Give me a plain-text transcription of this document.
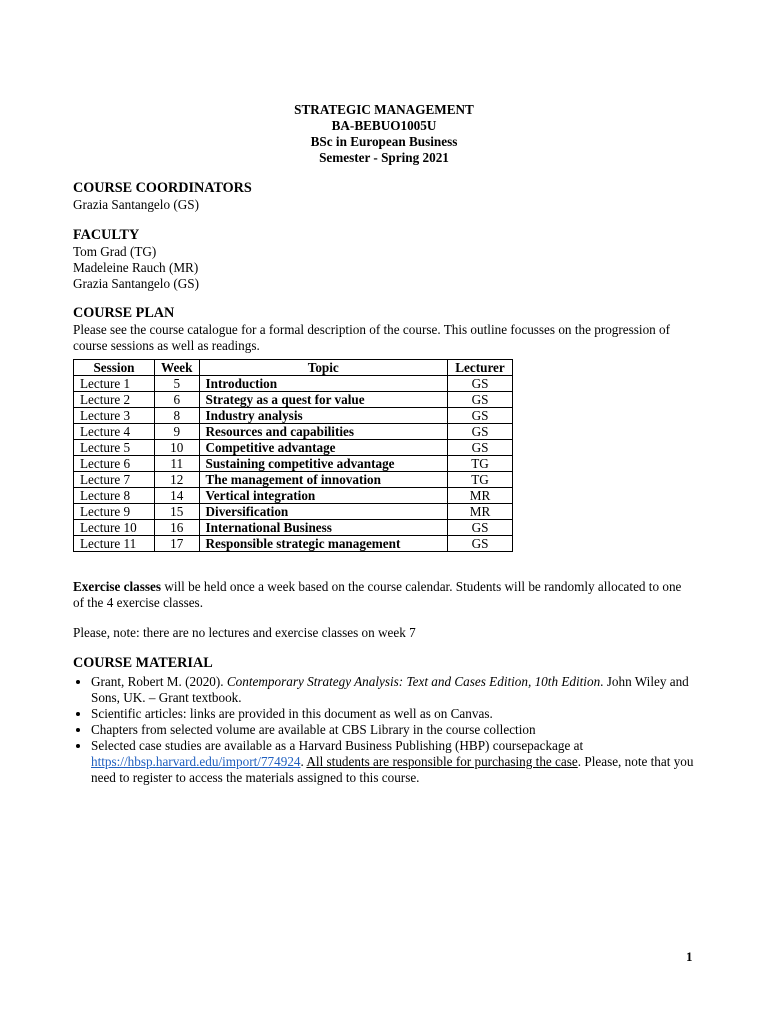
STRATEGIC MANAGEMENT
BA-BEBUO1005U
BSc in European Business
Semester - Spring 2021
COURSE COORDINATORS
Grazia Santangelo (GS)
FACULTY
Tom Grad (TG)
Madeleine Rauch (MR)
Grazia Santangelo (GS)
COURSE PLAN

Please see the course catalogue for a formal description of the course. This outline focusses on the progression of course sessions as well as readings.

Session	Week	Topic	Lecturer
Lecture 1	5	Introduction	GS
Lecture 2	6	Strategy as a quest for value	GS
Lecture 3	8	Industry analysis	GS
Lecture 4	9	Resources and capabilities	GS
Lecture 5	10	Competitive advantage	GS
Lecture 6	11	Sustaining competitive advantage	TG
Lecture 7	12	The management of innovation	TG
Lecture 8	14	Vertical integration	MR
Lecture 9	15	Diversification	MR
Lecture 10	16	International Business	GS
Lecture 11	17	Responsible strategic management	GS

Exercise classes will be held once a week based on the course calendar. Students will be randomly allocated to one of the 4 exercise classes.

Please, note: there are no lectures and exercise classes on week 7

COURSE MATERIAL
• Grant, Robert M. (2020). Contemporary Strategy Analysis: Text and Cases Edition, 10th Edition. John Wiley and Sons, UK. – Grant textbook.
• Scientific articles: links are provided in this document as well as on Canvas.
• Chapters from selected volume are available at CBS Library in the course collection
• Selected case studies are available as a Harvard Business Publishing (HBP) coursepackage at https://hbsp.harvard.edu/import/774924. All students are responsible for purchasing the case. Please, note that you need to register to access the materials assigned to this course.
1
